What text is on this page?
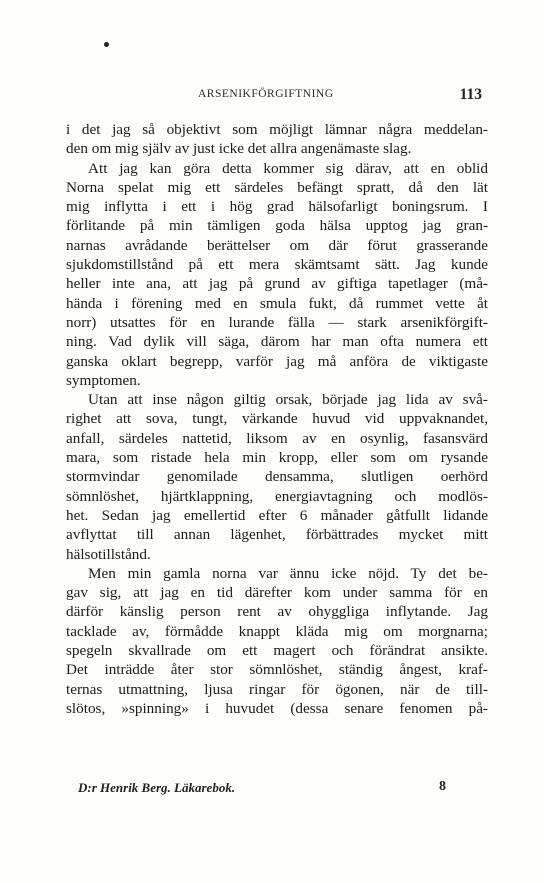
ARSENIKFÖRGIFTNING	113
i det jag så objektivt som möjligt lämnar några meddelan-
den om mig själv av just icke det allra angenämaste slag.
Att jag kan göra detta kommer sig därav, att en oblid
Norna spelat mig ett särdeles befängt spratt, då den lät
mig inflytta i ett i hög grad hälsofarligt boningsrum. I
förlitande på min tämligen goda hälsa upptog jag gran-
narnas avrådande berättelser om där förut grasserande
sjukdomstillstånd på ett mera skämtsamt sätt. Jag kunde
heller inte ana, att jag på grund av giftiga tapetlager (må-
hända i förening med en smula fukt, då rummet vette åt
norr) utsattes för en lurande fälla — stark arsenikförgift-
ning. Vad dylik vill säga, därom har man ofta numera ett
ganska oklart begrepp, varför jag må anföra de viktigaste
symptomen.
Utan att inse någon giltig orsak, började jag lida av svå-
righet att sova, tungt, värkande huvud vid uppvaknandet,
anfall, särdeles nattetid, liksom av en osynlig, fasansvärd
mara, som ristade hela min kropp, eller som om rysande
stormvindar genomilade densamma, slutligen oerhörd
sömnlöshet, hjärtklappning, energiavtagning och modlös-
het. Sedan jag emellertid efter 6 månader gåtfullt lidande
avflyttat till annan lägenhet, förbättrades mycket mitt
hälsotillstånd.
Men min gamla norna var ännu icke nöjd. Ty det be-
gav sig, att jag en tid därefter kom under samma för en
därför känslig person rent av ohyggliga inflytande. Jag
tacklade av, förmådde knappt kläda mig om morgnarna;
spegeln skvallrade om ett magert och förändrat ansikte.
Det inträdde åter stor sömnlöshet, ständig ångest, kraf-
ternas utmattning, ljusa ringar för ögonen, när de till-
slötos, »spinning» i huvudet (dessa senare fenomen på-
D:r Henrik Berg. Läkarebok.	8
